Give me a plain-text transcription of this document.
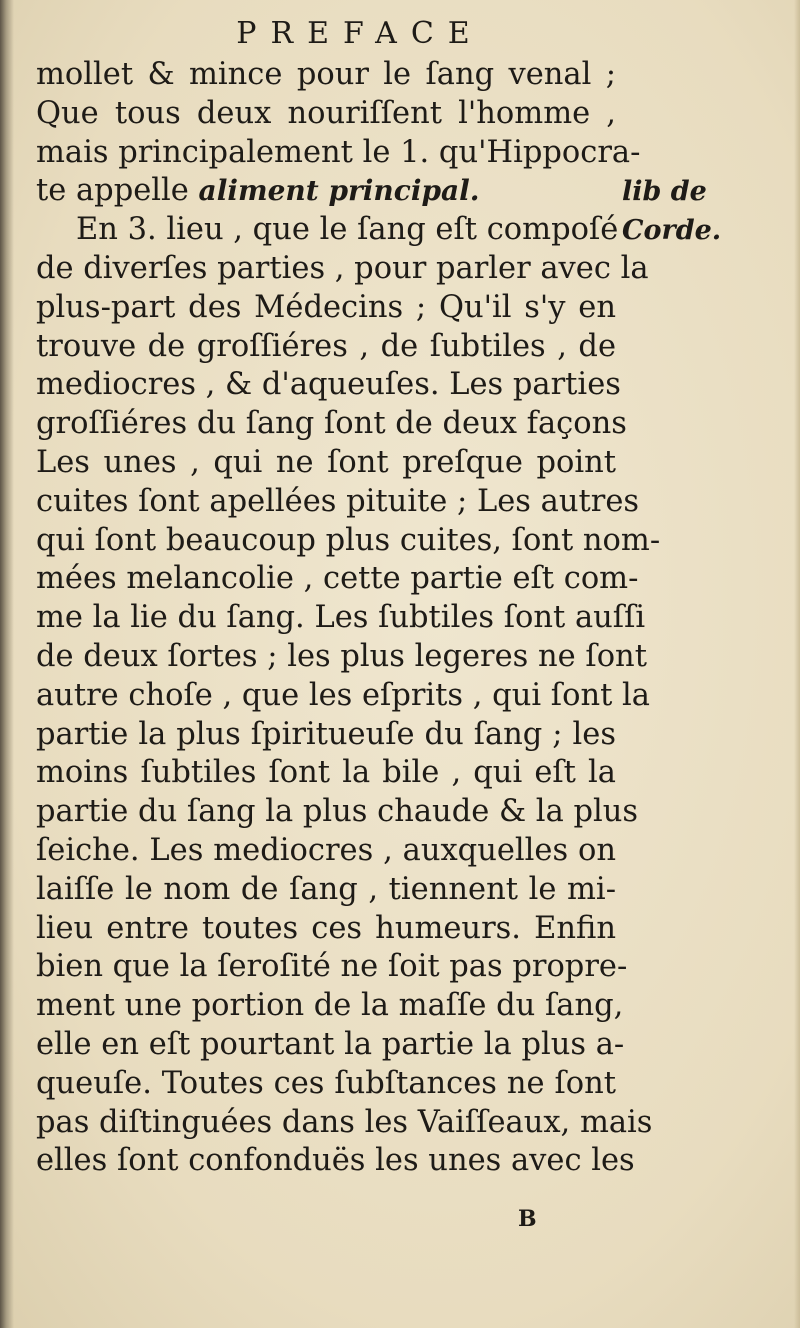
PREFACE
mollet & mince pour le ſang venal ;
Que tous deux nouriſſent l'homme ,
mais principalement le 1. qu'Hippocra-
te appelle aliment principal.
En 3. lieu , que le ſang eſt compoſé
de diverſes parties , pour parler avec la
plus-part des Médecins ; Qu'il s'y en
trouve de groſſiéres , de ſubtiles , de
mediocres , & d'aqueuſes. Les parties
groſſiéres du ſang ſont de deux façons
Les unes , qui ne ſont preſque point
cuites ſont apellées pituite ; Les autres
qui ſont beaucoup plus cuites, ſont nom-
mées melancolie , cette partie eſt com-
me la lie du ſang. Les ſubtiles ſont auſſi
de deux ſortes ; les plus legeres ne ſont
autre choſe , que les eſprits , qui ſont la
partie la plus ſpiritueuſe du ſang ; les
moins ſubtiles ſont la bile , qui eſt la
partie du ſang la plus chaude & la plus
ſeiche. Les mediocres , auxquelles on
laiſſe le nom de ſang , tiennent le mi-
lieu entre toutes ces humeurs. Enfin
bien que la ſeroſité ne ſoit pas propre-
ment une portion de la maſſe du ſang,
elle en eſt pourtant la partie la plus a-
queuſe. Toutes ces ſubſtances ne ſont
pas diſtinguées dans les Vaiſſeaux, mais
elles ſont confonduës les unes avec les
lib de
Corde.
B
